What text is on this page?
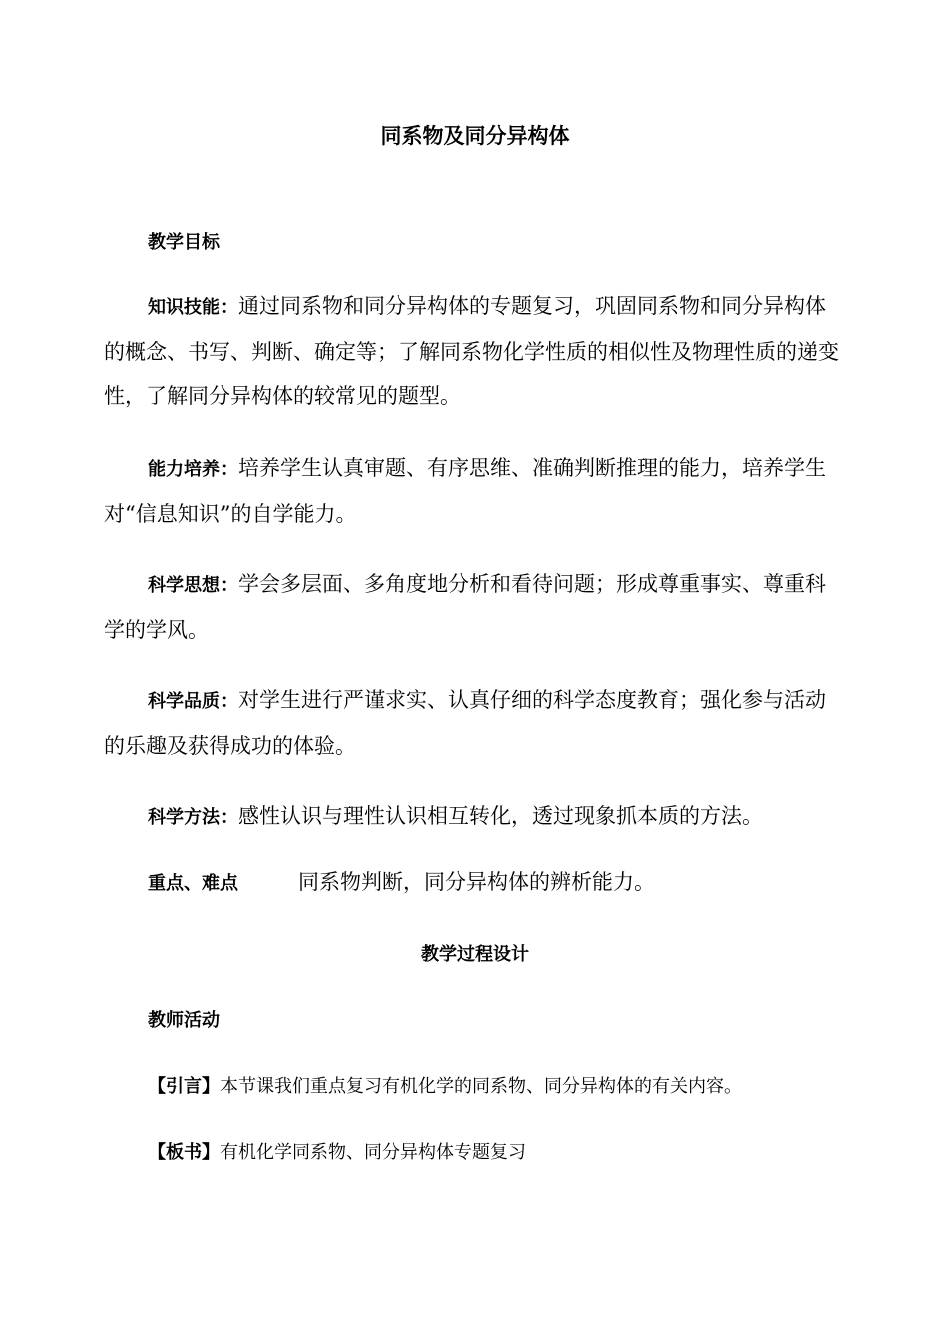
同系物及同分异构体
教学目标
知识技能：通过同系物和同分异构体的专题复习，巩固同系物和同分异构体的概念、书写、判断、确定等；了解同系物化学性质的相似性及物理性质的递变性，了解同分异构体的较常见的题型。
能力培养：培养学生认真审题、有序思维、准确判断推理的能力，培养学生对“信息知识”的自学能力。
科学思想：学会多层面、多角度地分析和看待问题；形成尊重事实、尊重科学的学风。
科学品质：对学生进行严谨求实、认真仔细的科学态度教育；强化参与活动的乐趣及获得成功的体验。
科学方法：感性认识与理性认识相互转化，透过现象抓本质的方法。
重点、难点	同系物判断，同分异构体的辨析能力。
教学过程设计
教师活动
【引言】本节课我们重点复习有机化学的同系物、同分异构体的有关内容。
【板书】有机化学同系物、同分异构体专题复习
